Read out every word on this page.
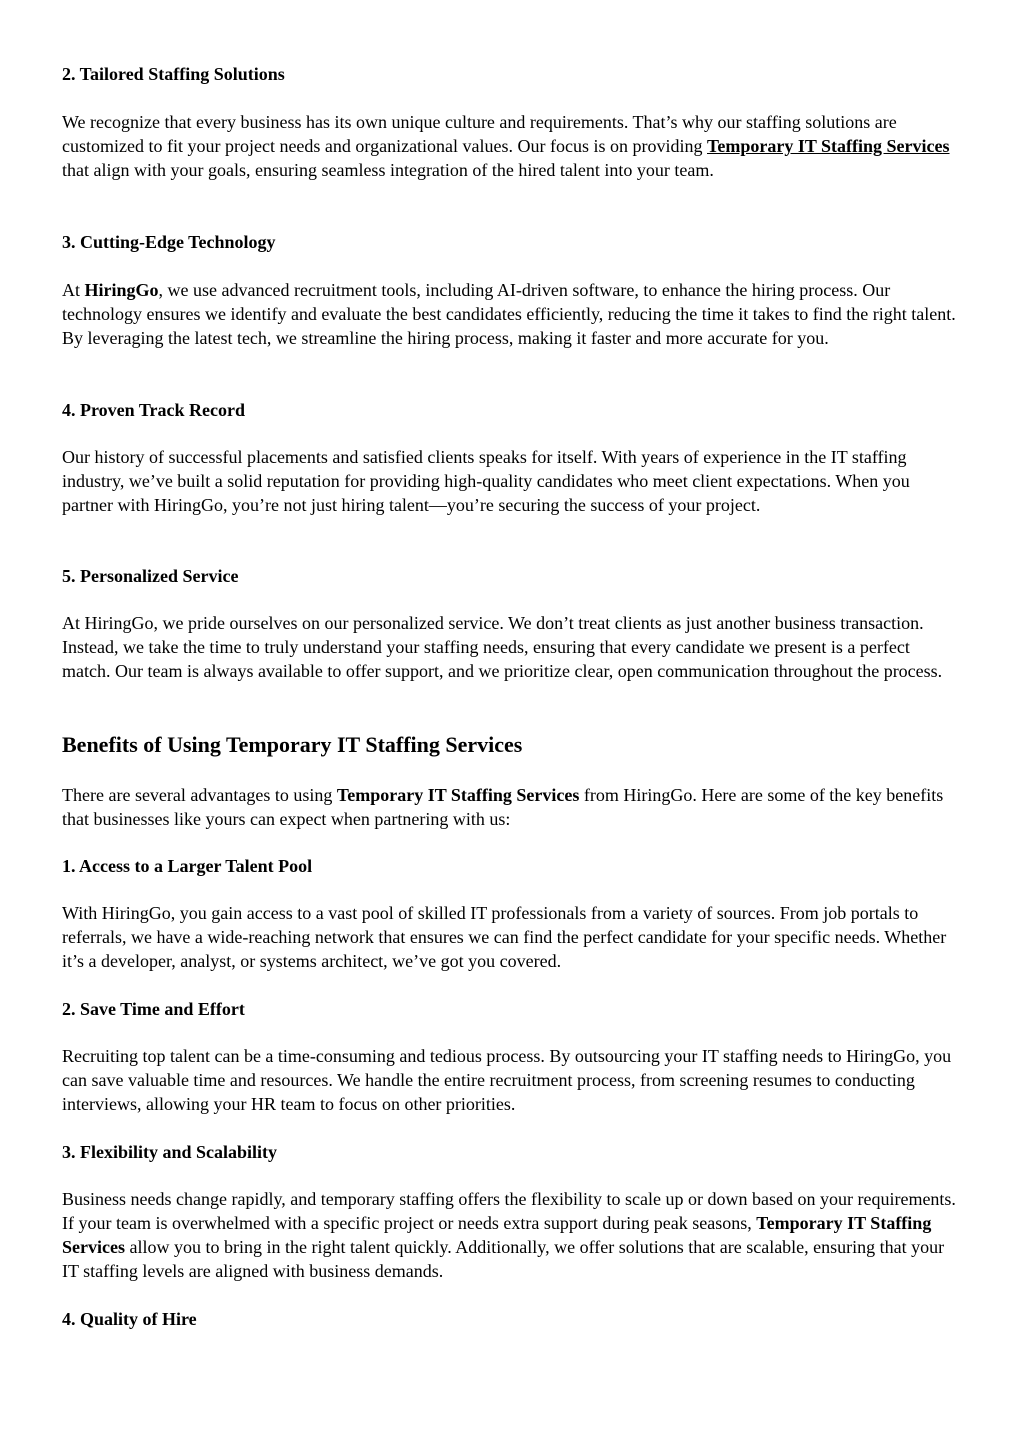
2. Tailored Staffing Solutions

We recognize that every business has its own unique culture and requirements. That’s why our staffing solutions are customized to fit your project needs and organizational values. Our focus is on providing Temporary IT Staffing Services that align with your goals, ensuring seamless integration of the hired talent into your team.

3. Cutting-Edge Technology

At HiringGo, we use advanced recruitment tools, including AI-driven software, to enhance the hiring process. Our technology ensures we identify and evaluate the best candidates efficiently, reducing the time it takes to find the right talent. By leveraging the latest tech, we streamline the hiring process, making it faster and more accurate for you.

4. Proven Track Record

Our history of successful placements and satisfied clients speaks for itself. With years of experience in the IT staffing industry, we’ve built a solid reputation for providing high-quality candidates who meet client expectations. When you partner with HiringGo, you’re not just hiring talent—you’re securing the success of your project.

5. Personalized Service

At HiringGo, we pride ourselves on our personalized service. We don’t treat clients as just another business transaction. Instead, we take the time to truly understand your staffing needs, ensuring that every candidate we present is a perfect match. Our team is always available to offer support, and we prioritize clear, open communication throughout the process.

Benefits of Using Temporary IT Staffing Services

There are several advantages to using Temporary IT Staffing Services from HiringGo. Here are some of the key benefits that businesses like yours can expect when partnering with us:

1. Access to a Larger Talent Pool

With HiringGo, you gain access to a vast pool of skilled IT professionals from a variety of sources. From job portals to referrals, we have a wide-reaching network that ensures we can find the perfect candidate for your specific needs. Whether it’s a developer, analyst, or systems architect, we’ve got you covered.

2. Save Time and Effort

Recruiting top talent can be a time-consuming and tedious process. By outsourcing your IT staffing needs to HiringGo, you can save valuable time and resources. We handle the entire recruitment process, from screening resumes to conducting interviews, allowing your HR team to focus on other priorities.

3. Flexibility and Scalability

Business needs change rapidly, and temporary staffing offers the flexibility to scale up or down based on your requirements. If your team is overwhelmed with a specific project or needs extra support during peak seasons, Temporary IT Staffing Services allow you to bring in the right talent quickly. Additionally, we offer solutions that are scalable, ensuring that your IT staffing levels are aligned with business demands.

4. Quality of Hire
